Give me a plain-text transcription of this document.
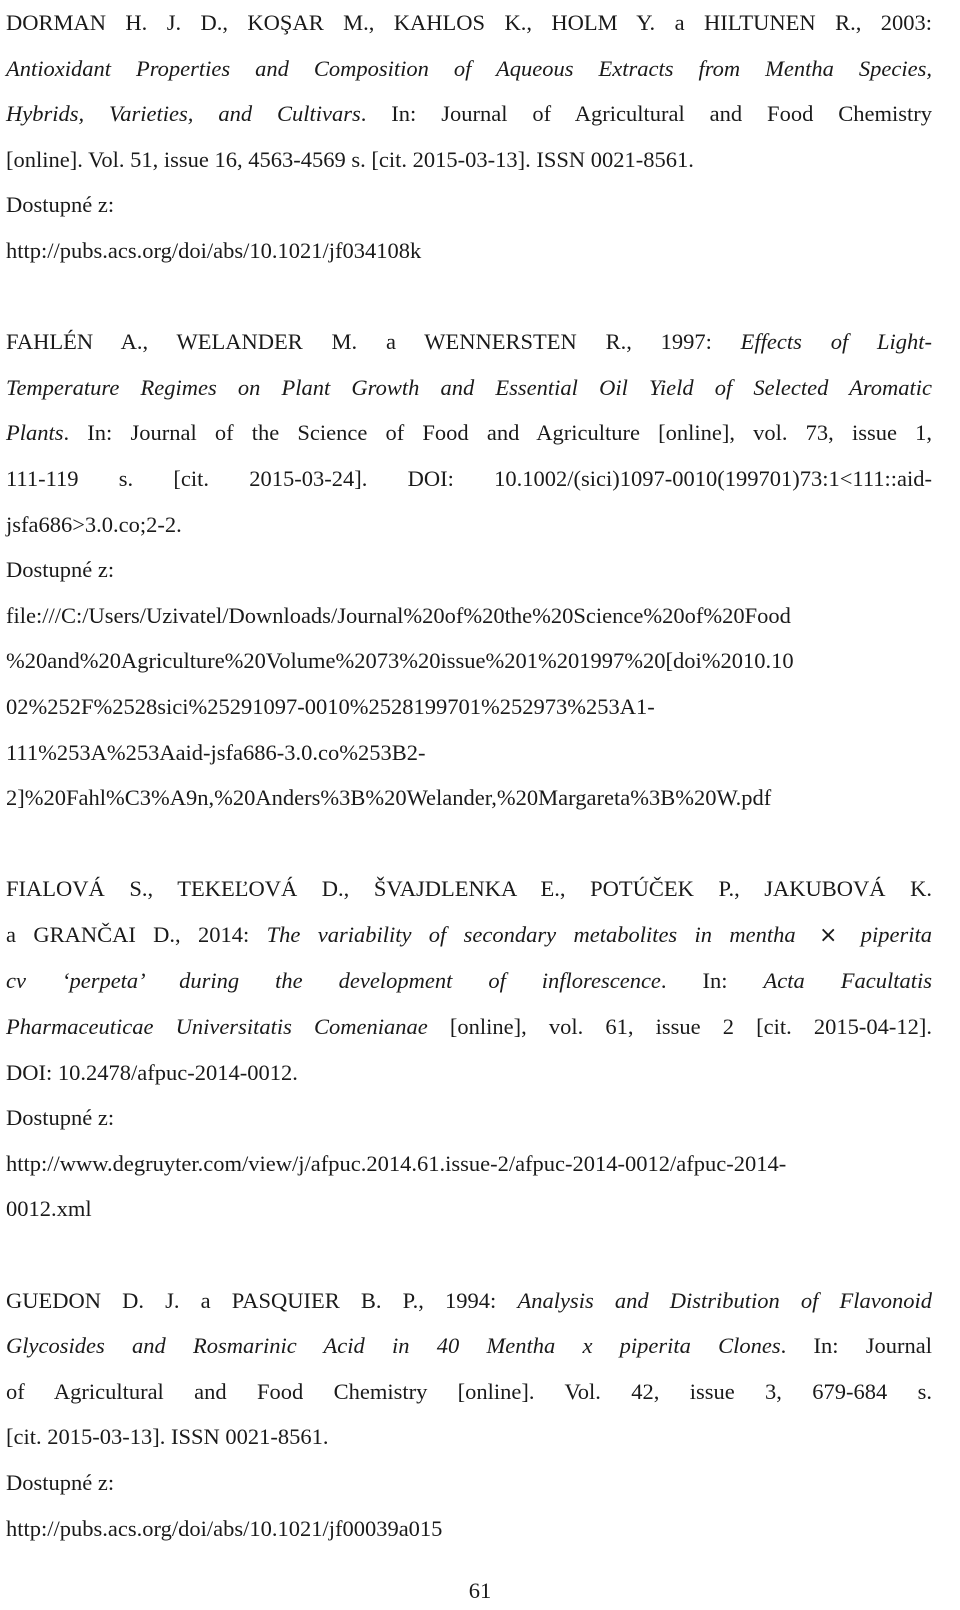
DORMAN H. J. D., KOŞAR M., KAHLOS K., HOLM Y. a HILTUNEN R., 2003:
Antioxidant Properties and Composition of Aqueous Extracts from Mentha Species,
Hybrids, Varieties, and Cultivars. In: Journal of Agricultural and Food Chemistry
[online]. Vol. 51, issue 16, 4563-4569 s. [cit. 2015-03-13]. ISSN 0021-8561.
Dostupné z:
http://pubs.acs.org/doi/abs/10.1021/jf034108k
FAHLÉN A., WELANDER M. a WENNERSTEN R., 1997: Effects of Light-
Temperature Regimes on Plant Growth and Essential Oil Yield of Selected Aromatic
Plants. In: Journal of the Science of Food and Agriculture [online], vol. 73, issue 1,
111-119 s. [cit. 2015-03-24]. DOI: 10.1002/(sici)1097-0010(199701)73:1<111::aid-
jsfa686>3.0.co;2-2.
Dostupné z:
file:///C:/Users/Uzivatel/Downloads/Journal%20of%20the%20Science%20of%20Food
%20and%20Agriculture%20Volume%2073%20issue%201%201997%20[doi%2010.10
02%252F%2528sici%25291097-0010%2528199701%252973%253A1-
111%253A%253Aaid-jsfa686-3.0.co%253B2-
2]%20Fahl%C3%A9n,%20Anders%3B%20Welander,%20Margareta%3B%20W.pdf
FIALOVÁ S., TEKEĽOVÁ D., ŠVAJDLENKA E., POTÚČEK P., JAKUBOVÁ K.
a GRANČAI D., 2014: The variability of secondary metabolites in mentha × piperita
cv ‘perpeta’ during the development of inflorescence. In: Acta Facultatis
Pharmaceuticae Universitatis Comenianae [online], vol. 61, issue 2 [cit. 2015-04-12].
DOI: 10.2478/afpuc-2014-0012.
Dostupné z:
http://www.degruyter.com/view/j/afpuc.2014.61.issue-2/afpuc-2014-0012/afpuc-2014-
0012.xml
GUEDON D. J. a PASQUIER B. P., 1994: Analysis and Distribution of Flavonoid
Glycosides and Rosmarinic Acid in 40 Mentha x piperita Clones. In: Journal
of Agricultural and Food Chemistry [online]. Vol. 42, issue 3, 679-684 s.
[cit. 2015-03-13]. ISSN 0021-8561.
Dostupné z:
http://pubs.acs.org/doi/abs/10.1021/jf00039a015
61
